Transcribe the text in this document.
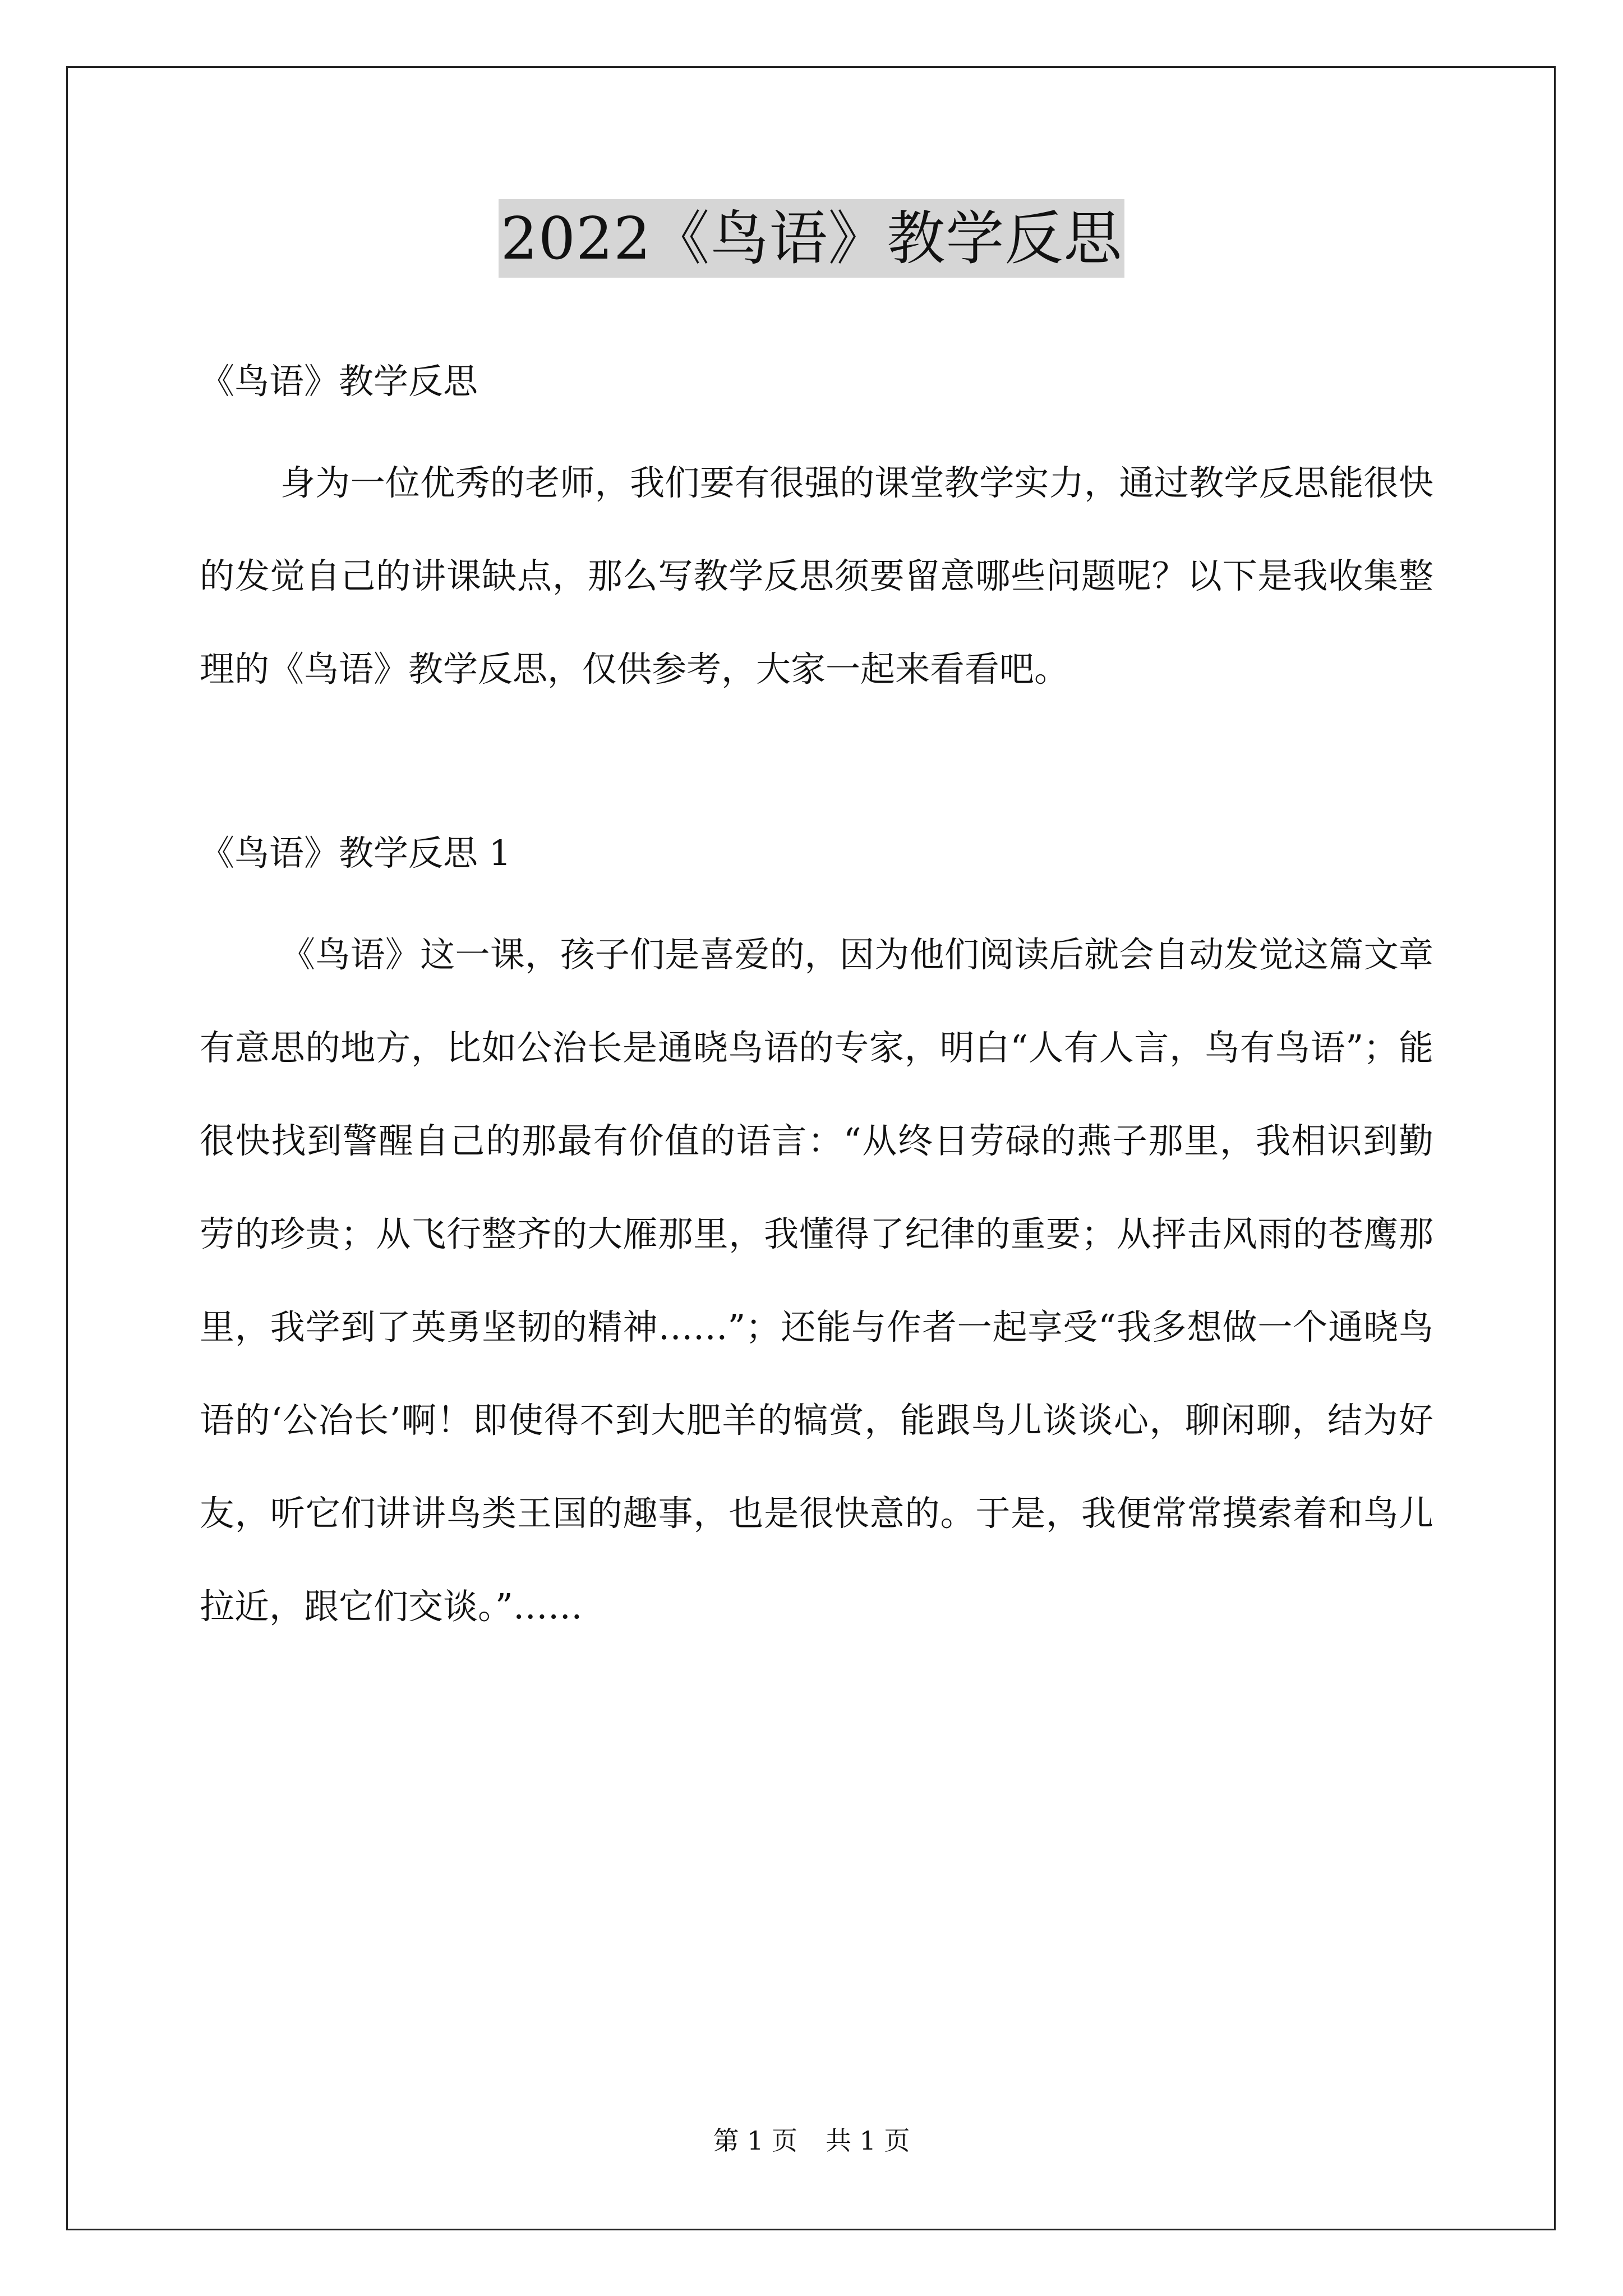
2022《鸟语》教学反思

《鸟语》教学反思

身为一位优秀的老师，我们要有很强的课堂教学实力，通过教学反思能很快的发觉自己的讲课缺点，那么写教学反思须要留意哪些问题呢？以下是我收集整理的《鸟语》教学反思，仅供参考，大家一起来看看吧。

《鸟语》教学反思 1

《鸟语》这一课，孩子们是喜爱的，因为他们阅读后就会自动发觉这篇文章有意思的地方，比如公治长是通晓鸟语的专家，明白“人有人言，鸟有鸟语”；能很快找到警醒自己的那最有价值的语言：“从终日劳碌的燕子那里，我相识到勤劳的珍贵；从飞行整齐的大雁那里，我懂得了纪律的重要；从抨击风雨的苍鹰那里，我学到了英勇坚韧的精神……”；还能与作者一起享受“我多想做一个通晓鸟语的‘公冶长’啊！即使得不到大肥羊的犒赏，能跟鸟儿谈谈心，聊闲聊，结为好友，听它们讲讲鸟类王国的趣事，也是很快意的。于是，我便常常摸索着和鸟儿拉近，跟它们交谈。”……

第 1 页 共 1 页
